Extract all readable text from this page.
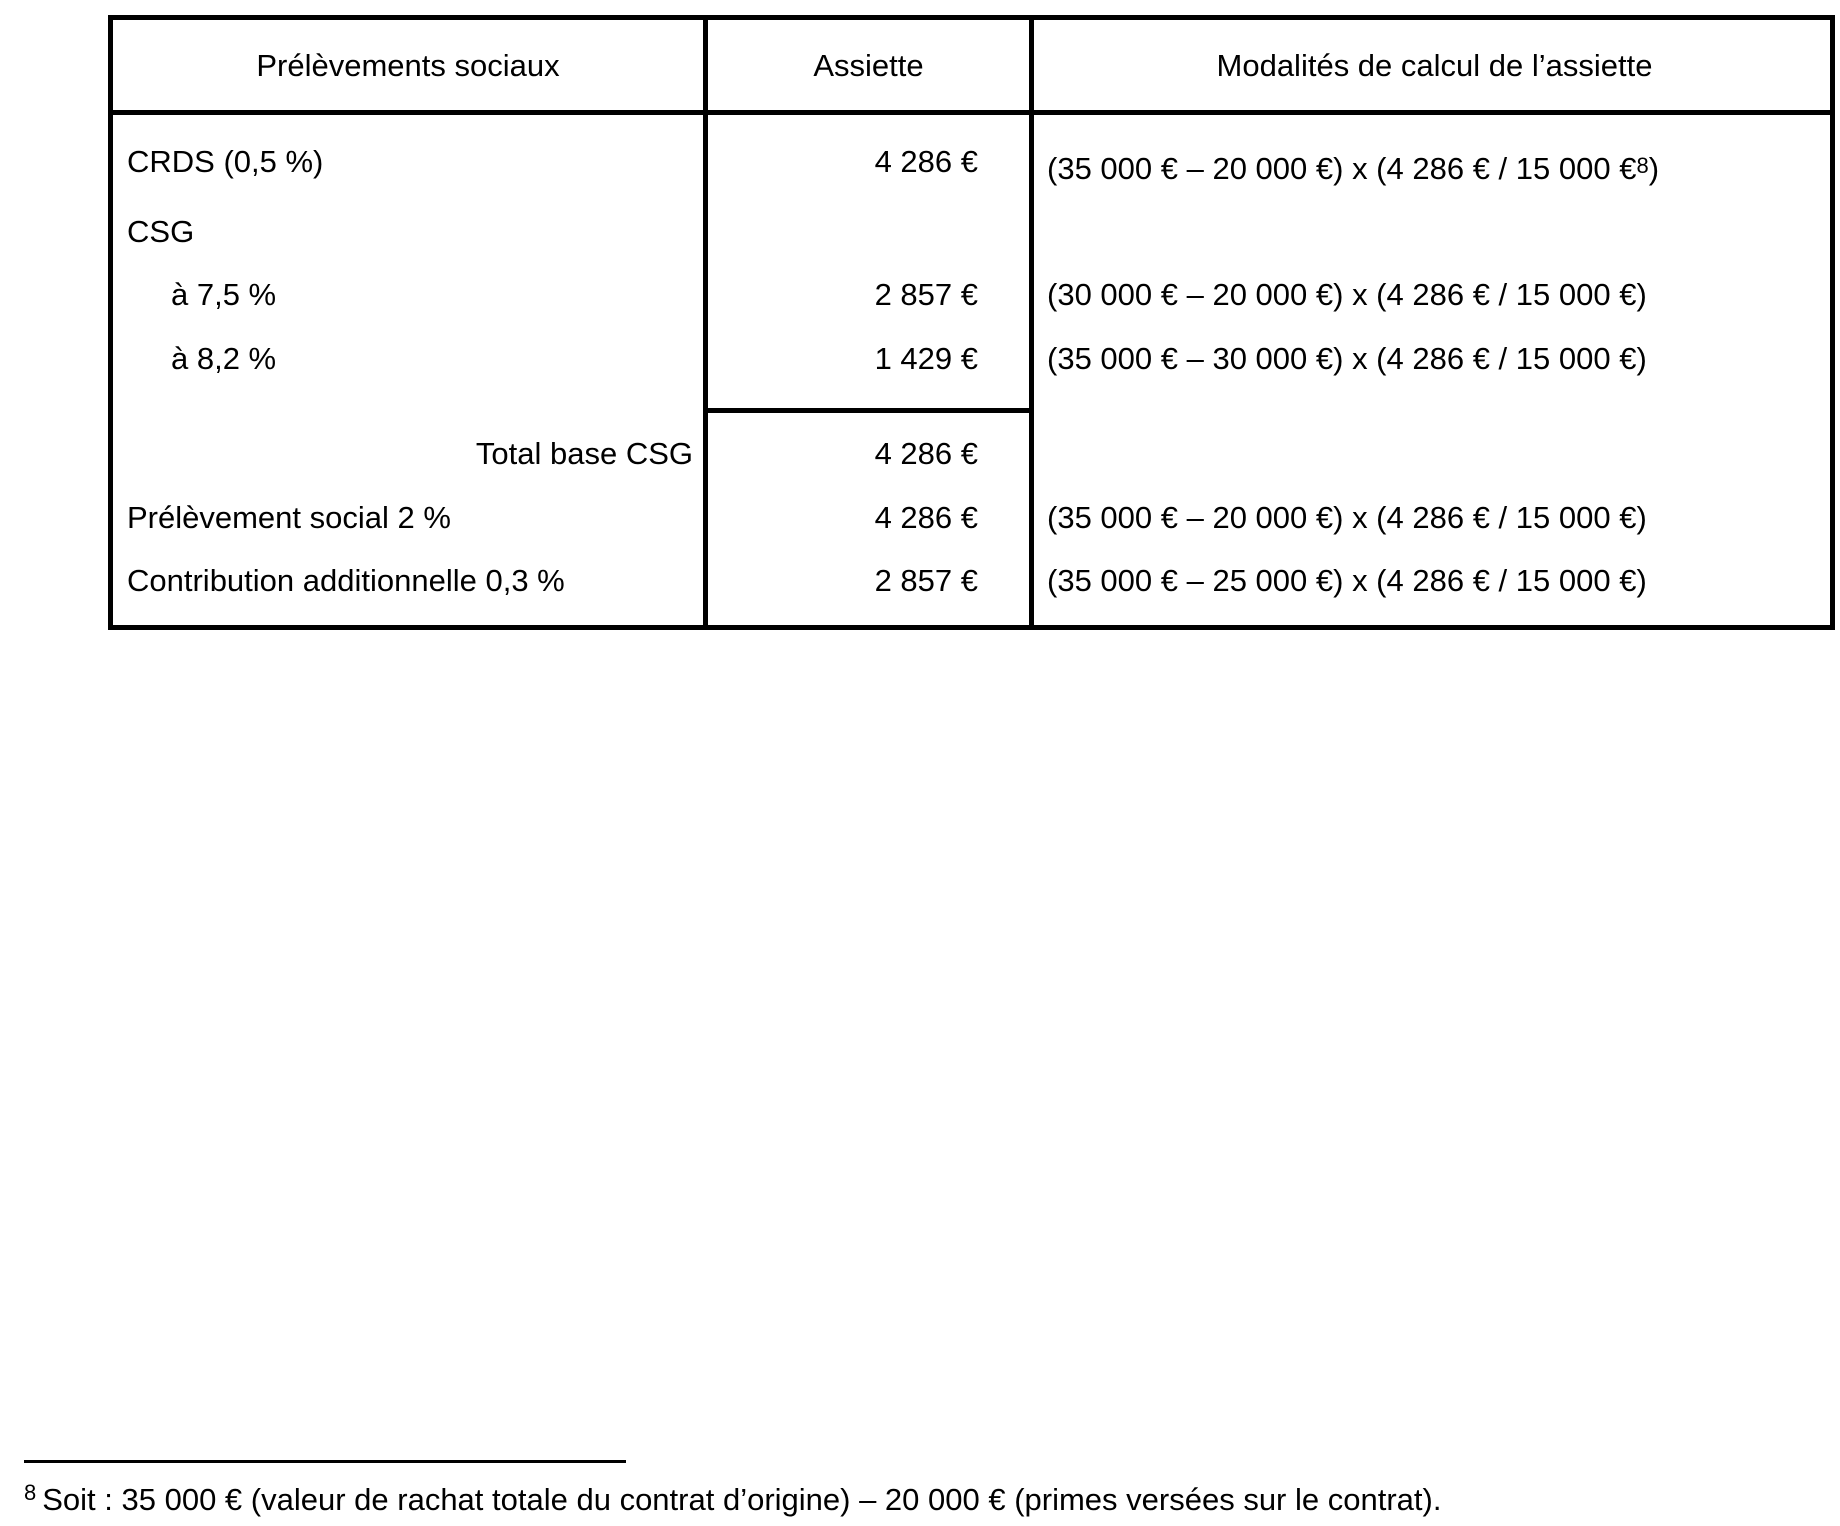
Prélèvements sociaux	Assiette	Modalités de calcul de l’assiette
CRDS (0,5 %)	4 286 € (35 000 € – 20 000 €) x (4 286 € / 15 000 €$^8$)
CSG
à 7,5 %	2 857 € (30 000 € – 20 000 €) x (4 286 € / 15 000 €)
à 8,2 %	1 429 € (35 000 € – 30 000 €) x (4 286 € / 15 000 €)
Total base CSG	4 286 €
Prélèvement social 2 %	4 286 € (35 000 € – 20 000 €) x (4 286 € / 15 000 €)
Contribution additionnelle 0,3 %	2 857 € (35 000 € – 25 000 €) x (4 286 € / 15 000 €)
$^8$ Soit : 35 000 € (valeur de rachat totale du contrat d’origine) – 20 000 € (primes versées sur le contrat).
